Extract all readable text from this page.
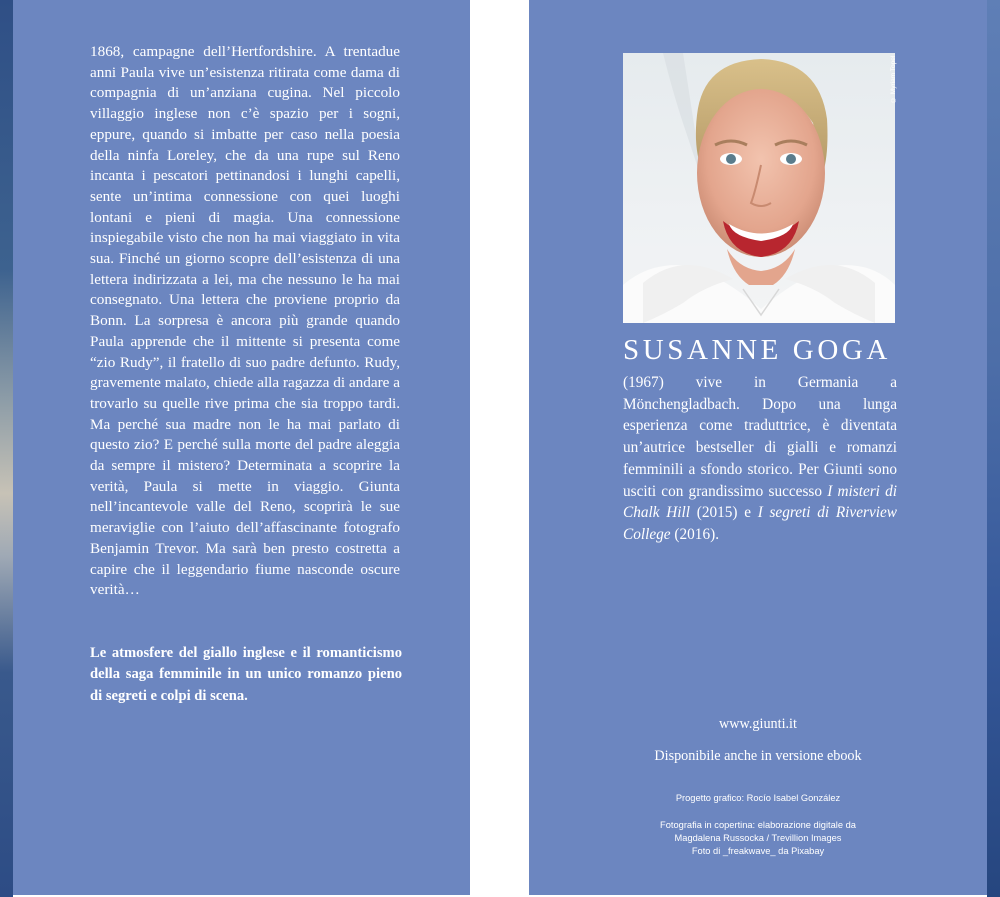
1868, campagne dell’Hertfordshire. A trentadue anni Paula vive un’esistenza ritirata come dama di compagnia di un’anziana cugina. Nel piccolo villaggio inglese non c’è spazio per i sogni, eppure, quando si imbatte per caso nella poesia della ninfa Loreley, che da una rupe sul Reno incanta i pescatori pettinandosi i lunghi capelli, sente un’intima connessione con quei luoghi lontani e pieni di magia. Una connessione inspiegabile visto che non ha mai viaggiato in vita sua. Finché un giorno scopre dell’esistenza di una lettera indirizzata a lei, ma che nessuno le ha mai consegnato. Una lettera che proviene proprio da Bonn. La sorpresa è ancora più grande quando Paula apprende che il mittente si presenta come “zio Rudy”, il fratello di suo padre defunto. Rudy, gravemente malato, chiede alla ragazza di andare a trovarlo su quelle rive prima che sia troppo tardi. Ma perché sua madre non le ha mai parlato di questo zio? E perché sulla morte del padre aleggia da sempre il mistero? Determinata a scoprire la verità, Paula si mette in viaggio. Giunta nell’incantevole valle del Reno, scoprirà le sue meraviglie con l’aiuto dell’affascinante fotografo Benjamin Trevor. Ma sarà ben presto costretta a capire che il leggendario fiume nasconde oscure verità…

Le atmosfere del giallo inglese e il romanticismo della saga femminile in un unico romanzo pieno di segreti e colpi di scena.

© Myriam Topel
SUSANNE GOGA

(1967) vive in Germania a Mönchengladbach. Dopo una lunga esperienza come traduttrice, è diventata un’autrice bestseller di gialli e romanzi femminili a sfondo storico. Per Giunti sono usciti con grandissimo successo I misteri di Chalk Hill (2015) e I segreti di Riverview College (2016).

www.giunti.it
Disponibile anche in versione ebook
Progetto grafico: Rocío Isabel González
Fotografia in copertina: elaborazione digitale da
Magdalena Russocka / Trevillion Images
Foto di _freakwave_ da Pixabay
